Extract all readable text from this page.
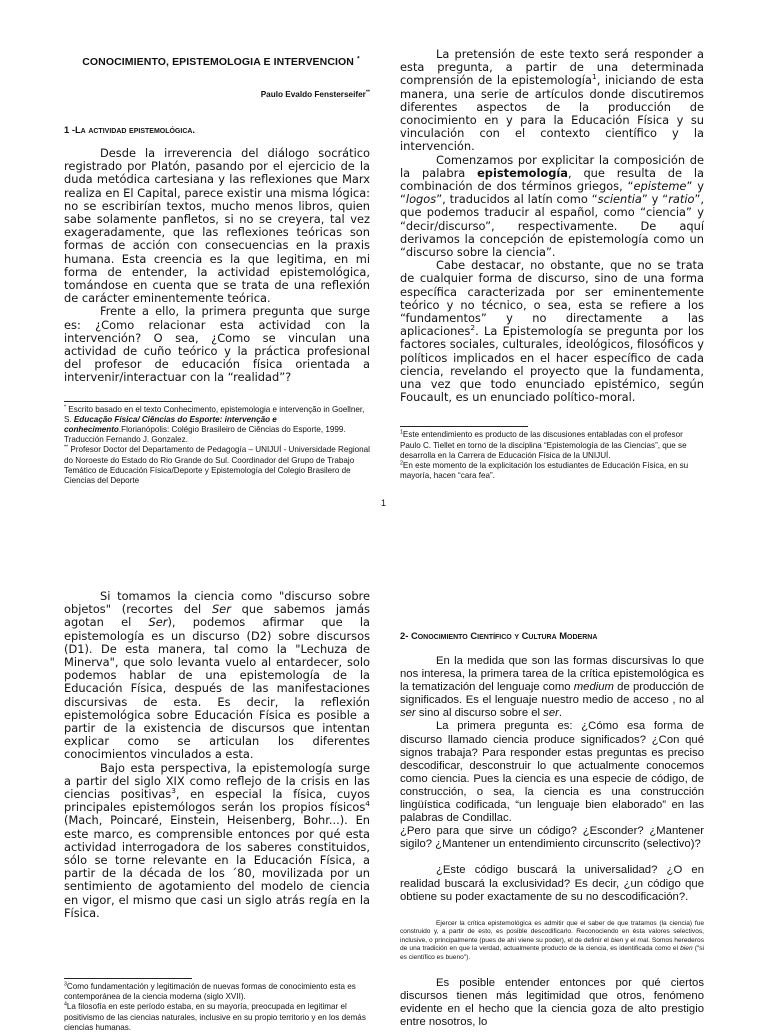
CONOCIMIENTO, EPISTEMOLOGIA E INTERVENCION *
Paulo Evaldo Fensterseifer**
1 -La actividad epistemológica.

Desde la irreverencia del diálogo socrático registrado por Platón, pasando por el ejercicio de la duda metódica cartesiana y las reflexiones que Marx realiza en El Capital, parece existir una misma lógica: no se escribirían textos, mucho menos libros, quien sabe solamente panfletos, si no se creyera, tal vez exageradamente, que las reflexiones teóricas son formas de acción con consecuencias en la praxis humana. Esta creencia es la que legitima, en mi forma de entender, la actividad epistemológica, tomándose en cuenta que se trata de una reflexión de carácter eminentemente teórica.

Frente a ello, la primera pregunta que surge es: ¿Como relacionar esta actividad con la intervención? O sea, ¿Como se vinculan una actividad de cuño teórico y la práctica profesional del profesor de educación física orientada a intervenir/interactuar con la “realidad”?

* Escrito basado en el texto Conhecimento, epistemologia e intervenção in Goellner, S. Educação Física/ Ciências do Esporte: intervenção e conhecimento.Florianópolis: Colégio Brasileiro de Ciências do Esporte, 1999. Traducción Fernando J. Gonzalez.

** Profesor Doctor del Departamento de Pedagogía – UNIJUÍ - Universidade Regional do Noroeste do Estado do Rio Grande do Sul. Coordinador del Grupo de Trabajo Temático de Educación Física/Deporte y Epistemología del Colegio Brasilero de Ciencias del Deporte

La pretensión de este texto será responder a esta pregunta, a partir de una determinada comprensión de la epistemología$^1$, iniciando de esta manera, una serie de artículos donde discutiremos diferentes aspectos de la producción de conocimiento en y para la Educación Física y su vinculación con el contexto científico y la intervención.

Comenzamos por explicitar la composición de la palabra epistemología, que resulta de la combinación de dos términos griegos, “episteme” y “logos”, traducidos al latín como “scientia” y “ratio”, que podemos traducir al español, como “ciencia” y “decir/discurso”, respectivamente. De aquí derivamos la concepción de epistemología como un “discurso sobre la ciencia”.

Cabe destacar, no obstante, que no se trata de cualquier forma de discurso, sino de una forma específica caracterizada por ser eminentemente teórico y no técnico, o sea, esta se refiere a los “fundamentos” y no directamente a las aplicaciones$^2$. La Epistemología se pregunta por los factores sociales, culturales, ideológicos, filosóficos y políticos implicados en el hacer específico de cada ciencia, revelando el proyecto que la fundamenta, una vez que todo enunciado epistémico, según Foucault, es un enunciado político-moral.

$^1$Este entendimiento es producto de las discusiones entabladas con el profesor Paulo C. Tiellet en torno de la disciplina “Epistemología de las Ciencias”, que se desarrolla en la Carrera de Educación Física de la UNIJUÍ.

$^2$En este momento de la explicitación los estudiantes de Educación Física, en su mayoría, hacen “cara fea”.

1

Si tomamos la ciencia como "discurso sobre objetos" (recortes del Ser que sabemos jamás agotan el Ser), podemos afirmar que la epistemología es un discurso (D2) sobre discursos (D1). De esta manera, tal como la "Lechuza de Minerva", que solo levanta vuelo al entardecer, solo podemos hablar de una epistemología de la Educación Física, después de las manifestaciones discursivas de esta. Es decir, la reflexión epistemológica sobre Educación Física es posible a partir de la existencia de discursos que intentan explicar como se articulan los diferentes conocimientos vinculados a esta.

Bajo esta perspectiva, la epistemología surge a partir del siglo XIX como reflejo de la crisis en las ciencias positivas$^3$, en especial la física, cuyos principales epistemólogos serán los propios físicos$^4$ (Mach, Poincaré, Einstein, Heisenberg, Bohr...). En este marco, es comprensible entonces por qué esta actividad interrogadora de los saberes constituidos, sólo se torne relevante en la Educación Física, a partir de la década de los ´80, movilizada por un sentimiento de agotamiento del modelo de ciencia en vigor, el mismo que casi un siglo atrás regía en la Física.

$^3$Como fundamentación y legitimación de nuevas formas de conocimiento esta es contemporánea de la ciencia moderna (siglo XVII).

$^4$La filosofía en este período estaba, en su mayoría, preocupada en legitimar el positivismo de las ciencias naturales, inclusive en su propio territorio y en los demás ciencias humanas.

2- Conocimiento Científico y Cultura Moderna

En la medida que son las formas discursivas lo que nos interesa, la primera tarea de la crítica epistemológica es la tematización del lenguaje como medium de producción de significados. Es el lenguaje nuestro medio de acceso , no al ser sino al discurso sobre el ser.

La primera pregunta es: ¿Cómo esa forma de discurso llamado ciencia produce significados? ¿Con qué signos trabaja? Para responder estas preguntas es preciso descodificar, desconstruir lo que actualmente conocemos como ciencia. Pues la ciencia es una especie de código, de construcción, o sea, la ciencia es una construcción lingüística codificada, “un lenguaje bien elaborado” en las palabras de Condillac.

¿Pero para que sirve un código? ¿Esconder? ¿Mantener sigilo? ¿Mantener un entendimiento circunscrito (selectivo)?

¿Este código buscará la universalidad? ¿O en realidad buscará la exclusividad? Es decir, ¿un código que obtiene su poder exactamente de su no descodificación?.

Ejercer la crítica epistemológica es admitir que el saber de que tratamos (la ciencia) fue construido y, a partir de esto, es posible descodificarlo. Reconociendo en ésta valores selectivos, inclusive, o principalmente (pues de ahí viene su poder), el de definir el bien y el mal. Somos herederos de una tradición en que la verdad, actualmente producto de la ciencia, es identificada como el bien ("si es científico es bueno").

Es posible entender entonces por qué ciertos discursos tienen más legitimidad que otros, fenómeno evidente en el hecho que la ciencia goza de alto prestigio entre nosotros, lo
